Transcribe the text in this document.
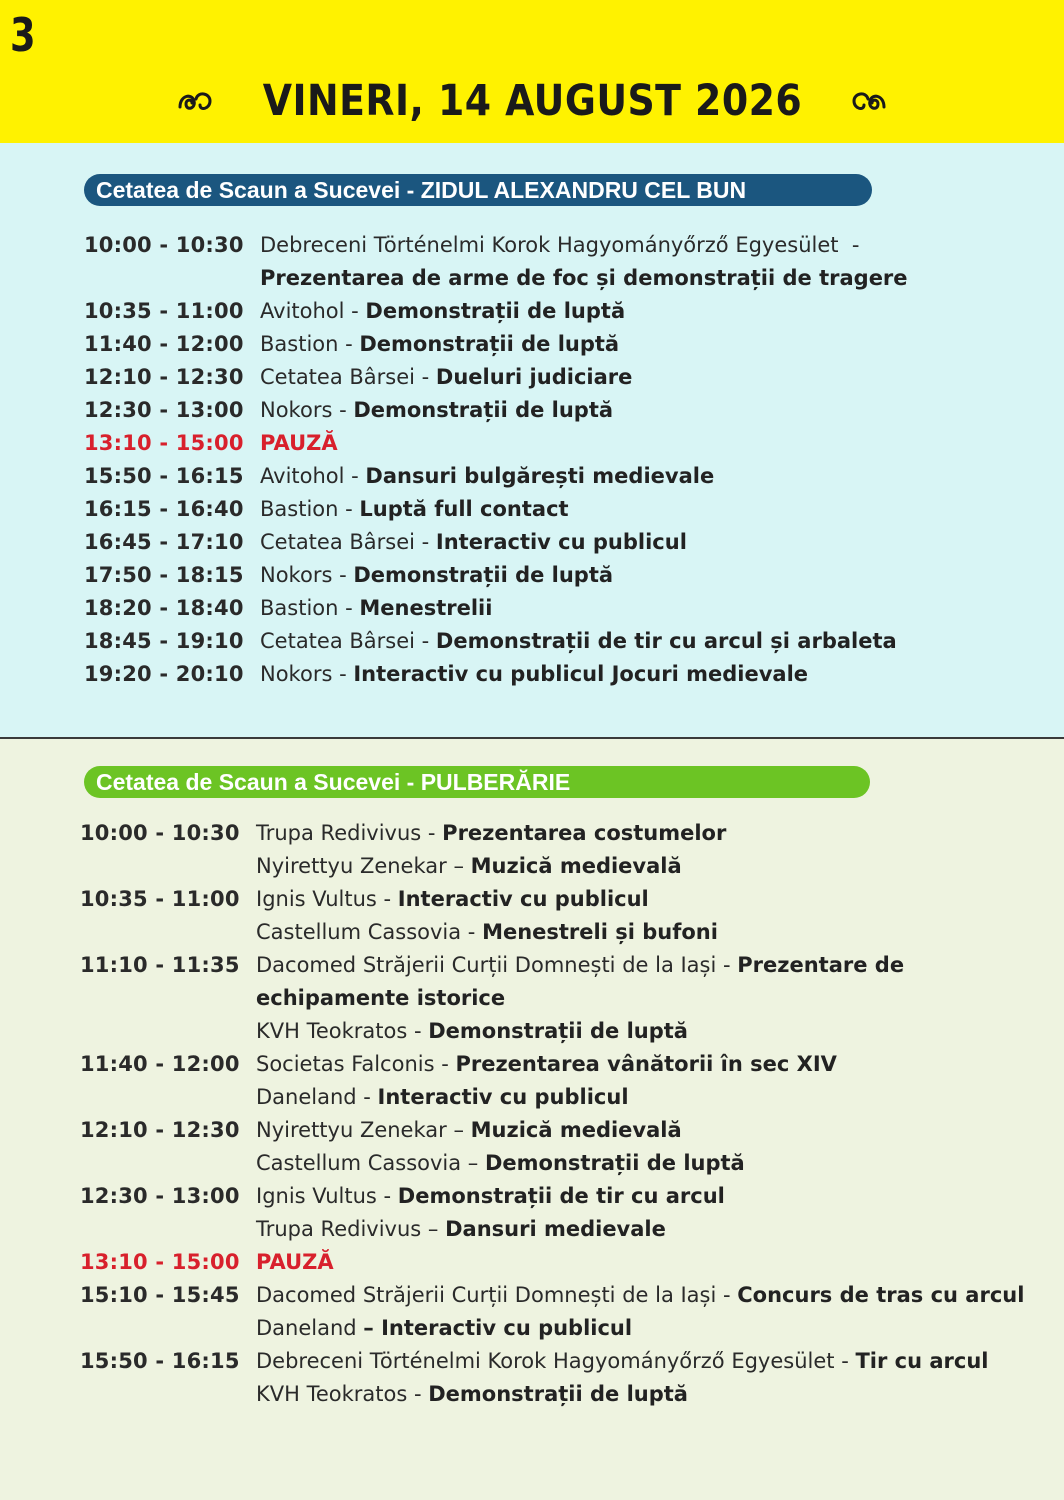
3
VINERI, 14 AUGUST 2026
Cetatea de Scaun a Sucevei - ZIDUL ALEXANDRU CEL BUN
10:00 - 10:30 Debreceni Történelmi Korok Hagyományőrző Egyesület  -
Prezentarea de arme de foc și demonstrații de tragere
10:35 - 11:00 Avitohol - Demonstrații de luptă
11:40 - 12:00 Bastion - Demonstrații de luptă
12:10 - 12:30 Cetatea Bârsei - Dueluri judiciare
12:30 - 13:00 Nokors - Demonstrații de luptă
13:10 - 15:00 PAUZĂ
15:50 - 16:15 Avitohol - Dansuri bulgărești medievale
16:15 - 16:40 Bastion - Luptă full contact
16:45 - 17:10 Cetatea Bârsei - Interactiv cu publicul
17:50 - 18:15 Nokors - Demonstrații de luptă
18:20 - 18:40 Bastion - Menestrelii
18:45 - 19:10 Cetatea Bârsei - Demonstrații de tir cu arcul și arbaleta
19:20 - 20:10 Nokors - Interactiv cu publicul Jocuri medievale
Cetatea de Scaun a Sucevei - PULBERĂRIE
10:00 - 10:30 Trupa Redivivus - Prezentarea costumelor
Nyirettyu Zenekar – Muzică medievală
10:35 - 11:00 Ignis Vultus - Interactiv cu publicul
Castellum Cassovia - Menestreli și bufoni
11:10 - 11:35 Dacomed Străjerii Curții Domnești de la Iași - Prezentare de
echipamente istorice
KVH Teokratos - Demonstrații de luptă
11:40 - 12:00 Societas Falconis - Prezentarea vânătorii în sec XIV
Daneland - Interactiv cu publicul
12:10 - 12:30 Nyirettyu Zenekar – Muzică medievală
Castellum Cassovia – Demonstrații de luptă
12:30 - 13:00 Ignis Vultus - Demonstrații de tir cu arcul
Trupa Redivivus – Dansuri medievale
13:10 - 15:00 PAUZĂ
15:10 - 15:45 Dacomed Străjerii Curții Domnești de la Iași - Concurs de tras cu arcul
Daneland – Interactiv cu publicul
15:50 - 16:15 Debreceni Történelmi Korok Hagyományőrző Egyesület - Tir cu arcul
KVH Teokratos - Demonstrații de luptă
